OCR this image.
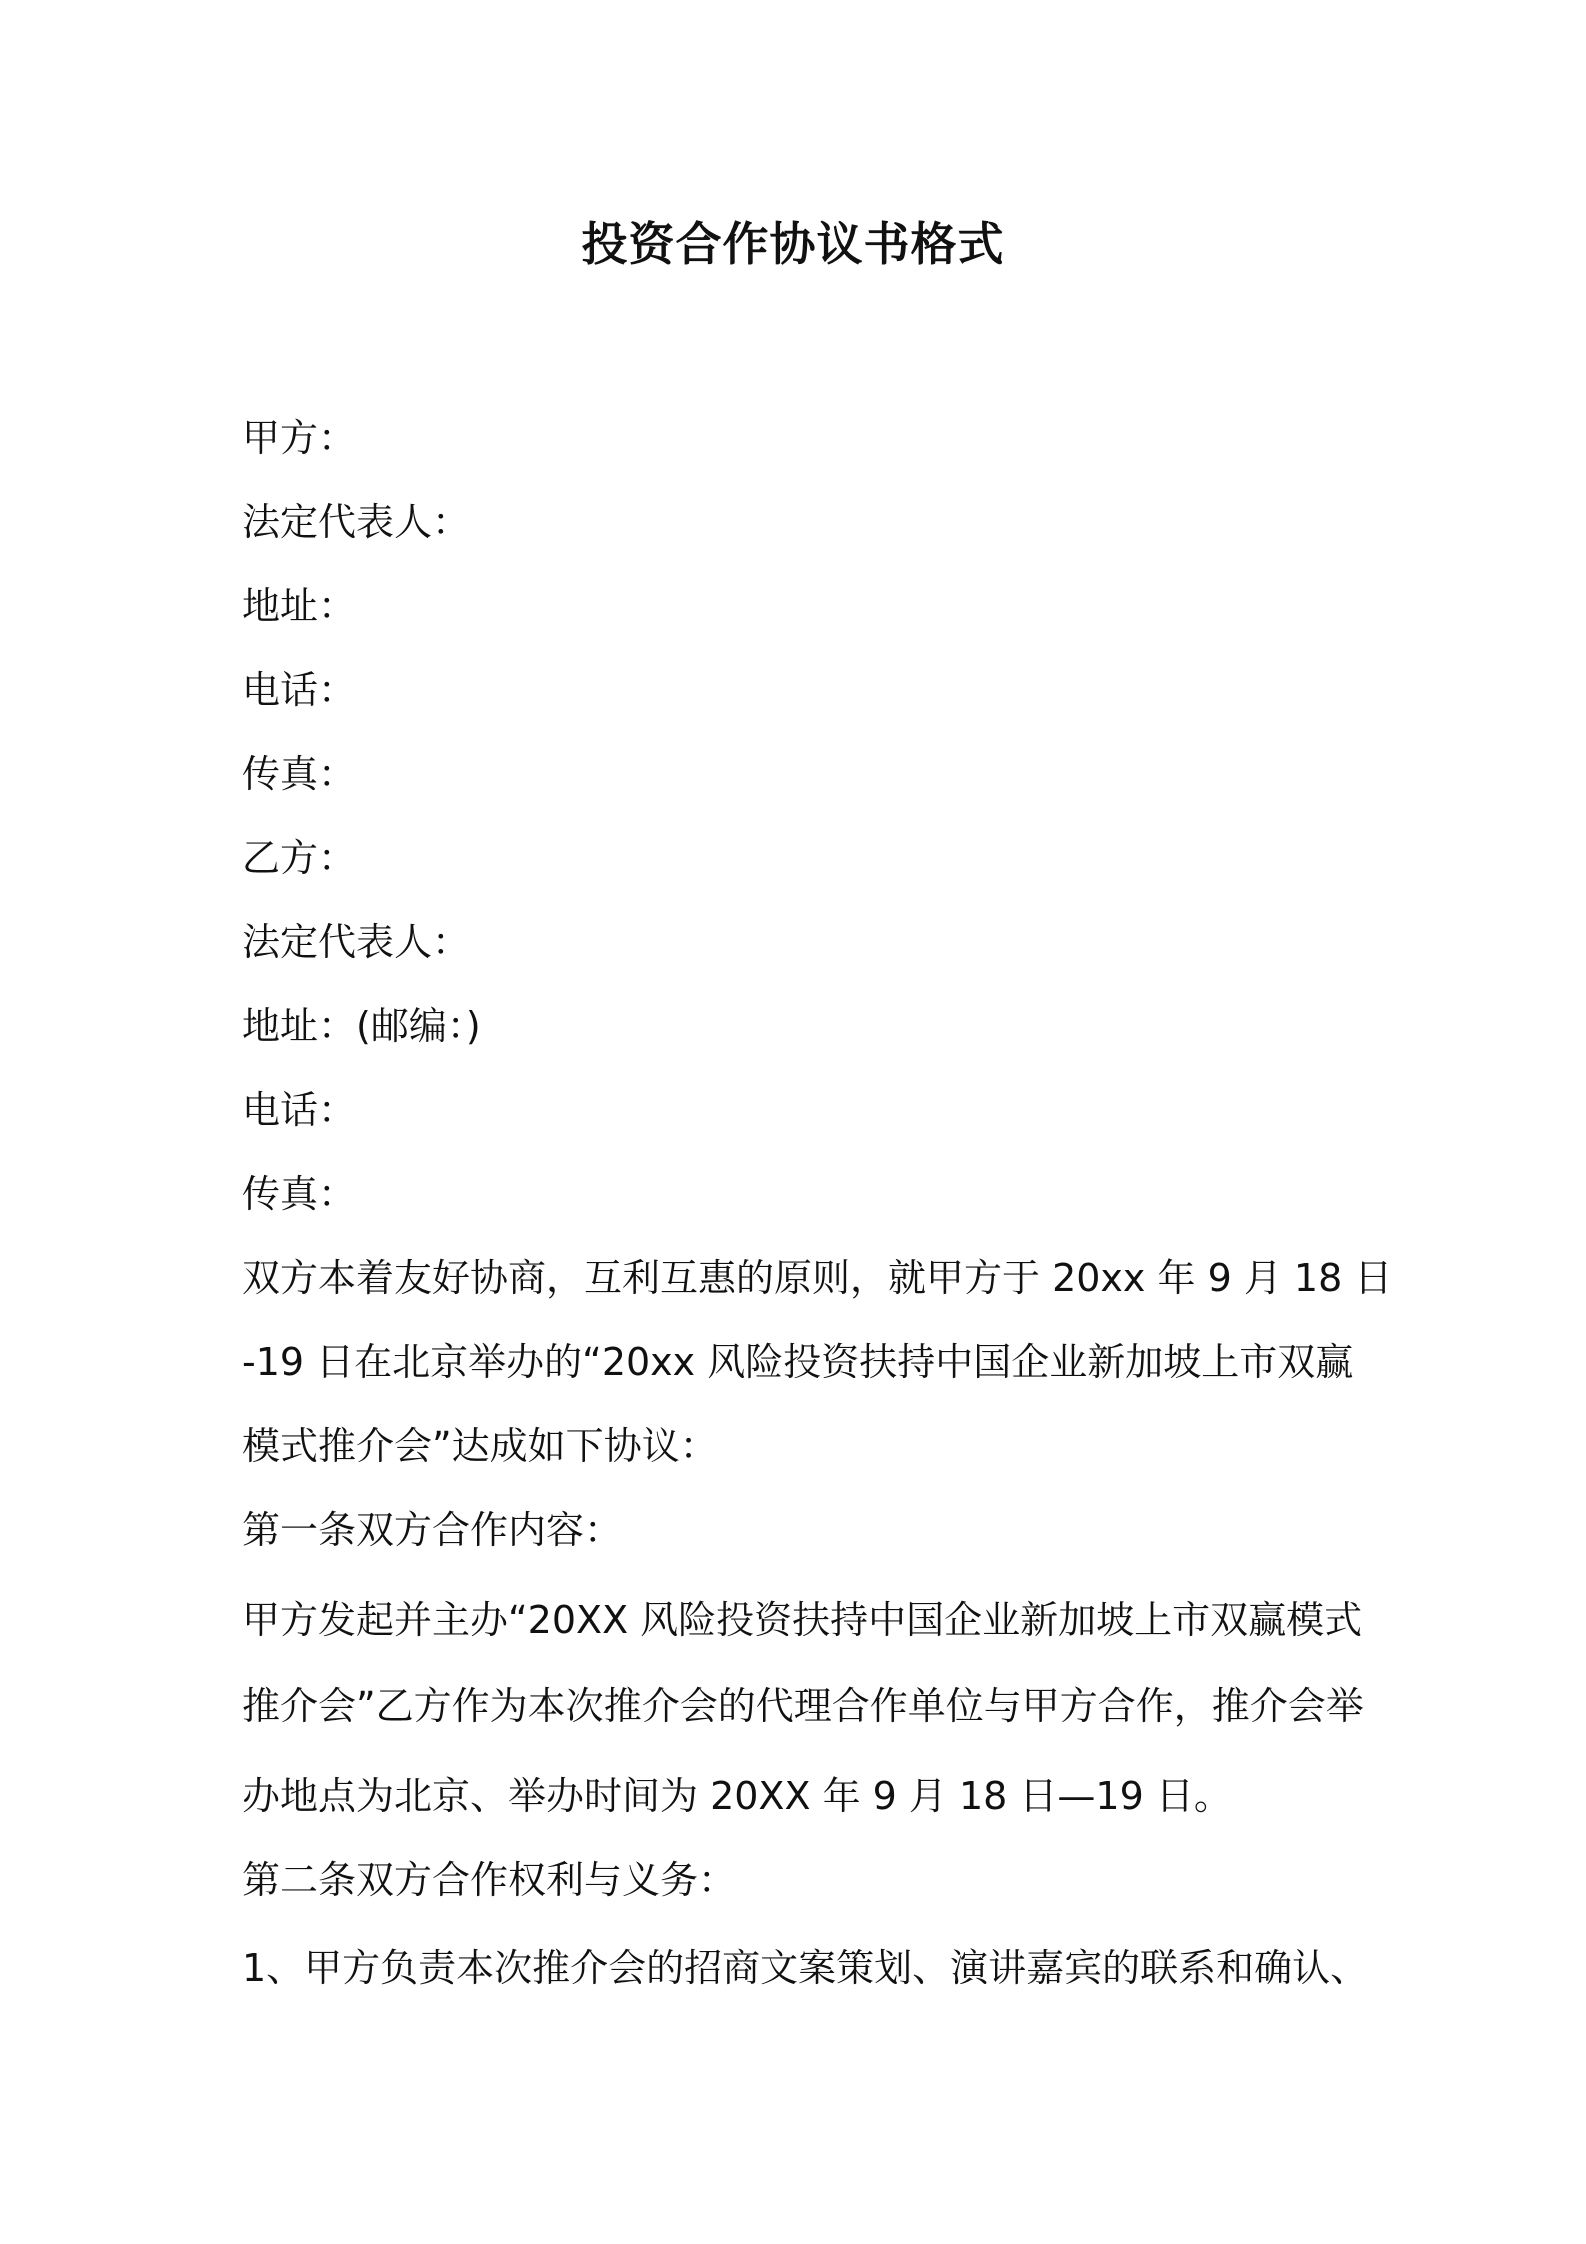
投资合作协议书格式
甲方：
法定代表人：
地址：
电话：
传真：
乙方：
法定代表人：
地址：(邮编：)
电话：
传真：
双方本着友好协商，互利互惠的原则，就甲方于 20xx 年 9 月 18 日
-19 日在北京举办的“20xx 风险投资扶持中国企业新加坡上市双赢
模式推介会”达成如下协议：
第一条双方合作内容：
甲方发起并主办“20XX 风险投资扶持中国企业新加坡上市双赢模式
推介会”乙方作为本次推介会的代理合作单位与甲方合作，推介会举
办地点为北京、举办时间为 20XX 年 9 月 18 日—19 日。
第二条双方合作权利与义务：
1、甲方负责本次推介会的招商文案策划、演讲嘉宾的联系和确认、
